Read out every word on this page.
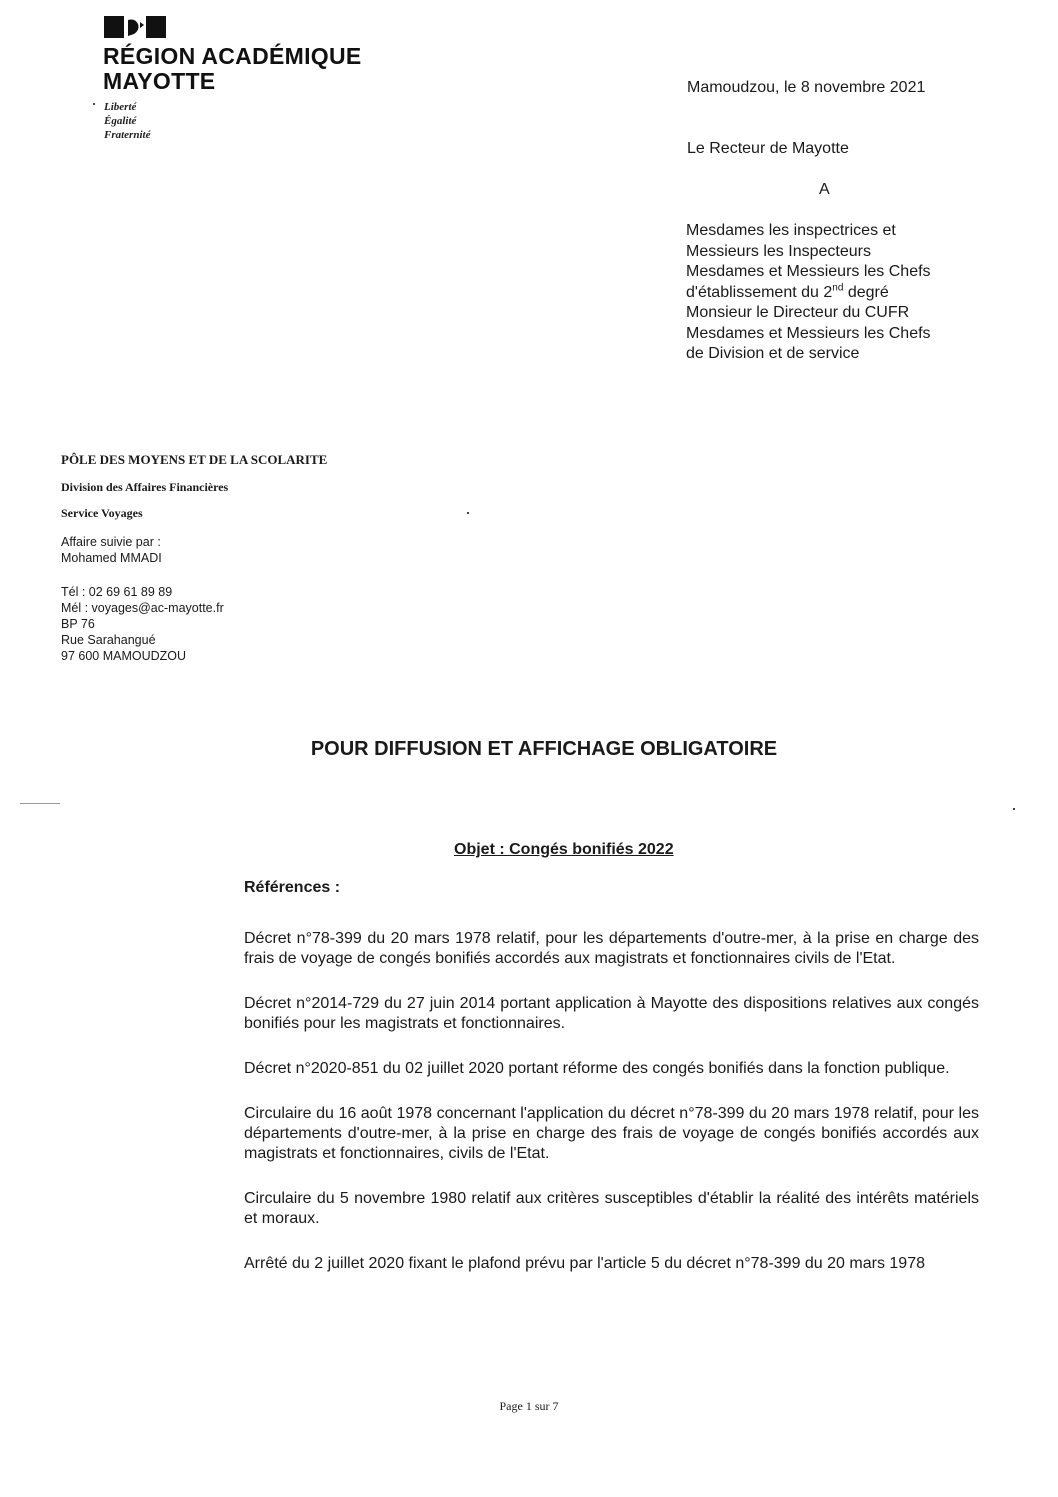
RÉGION ACADÉMIQUE
MAYOTTE
Liberté
Égalité
Fraternité
Mamoudzou, le 8 novembre 2021
Le Recteur de Mayotte
A
Mesdames les inspectrices et
Messieurs les Inspecteurs
Mesdames et Messieurs les Chefs
d'établissement du 2nd degré
Monsieur le Directeur du CUFR
Mesdames et Messieurs les Chefs
de Division et de service
PÔLE DES MOYENS ET DE LA SCOLARITE
Division des Affaires Financières
Service Voyages
Affaire suivie par :
Mohamed MMADI
Tél : 02 69 61 89 89
Mél : voyages@ac-mayotte.fr
BP 76
Rue Sarahangué
97 600 MAMOUDZOU
POUR DIFFUSION ET AFFICHAGE OBLIGATOIRE
Objet : Congés bonifiés 2022
Références :

Décret n°78-399 du 20 mars 1978 relatif, pour les départements d'outre-mer, à la prise en charge des frais de voyage de congés bonifiés accordés aux magistrats et fonctionnaires civils de l'Etat.

Décret n°2014-729 du 27 juin 2014 portant application à Mayotte des dispositions relatives aux congés bonifiés pour les magistrats et fonctionnaires.

Décret n°2020-851 du 02 juillet 2020 portant réforme des congés bonifiés dans la fonction publique.

Circulaire du 16 août 1978 concernant l'application du décret n°78-399 du 20 mars 1978 relatif, pour les départements d'outre-mer, à la prise en charge des frais de voyage de congés bonifiés accordés aux magistrats et fonctionnaires, civils de l'Etat.

Circulaire du 5 novembre 1980 relatif aux critères susceptibles d'établir la réalité des intérêts matériels et moraux.

Arrêté du 2 juillet 2020 fixant le plafond prévu par l'article 5 du décret n°78-399 du 20 mars 1978

Page 1 sur 7
